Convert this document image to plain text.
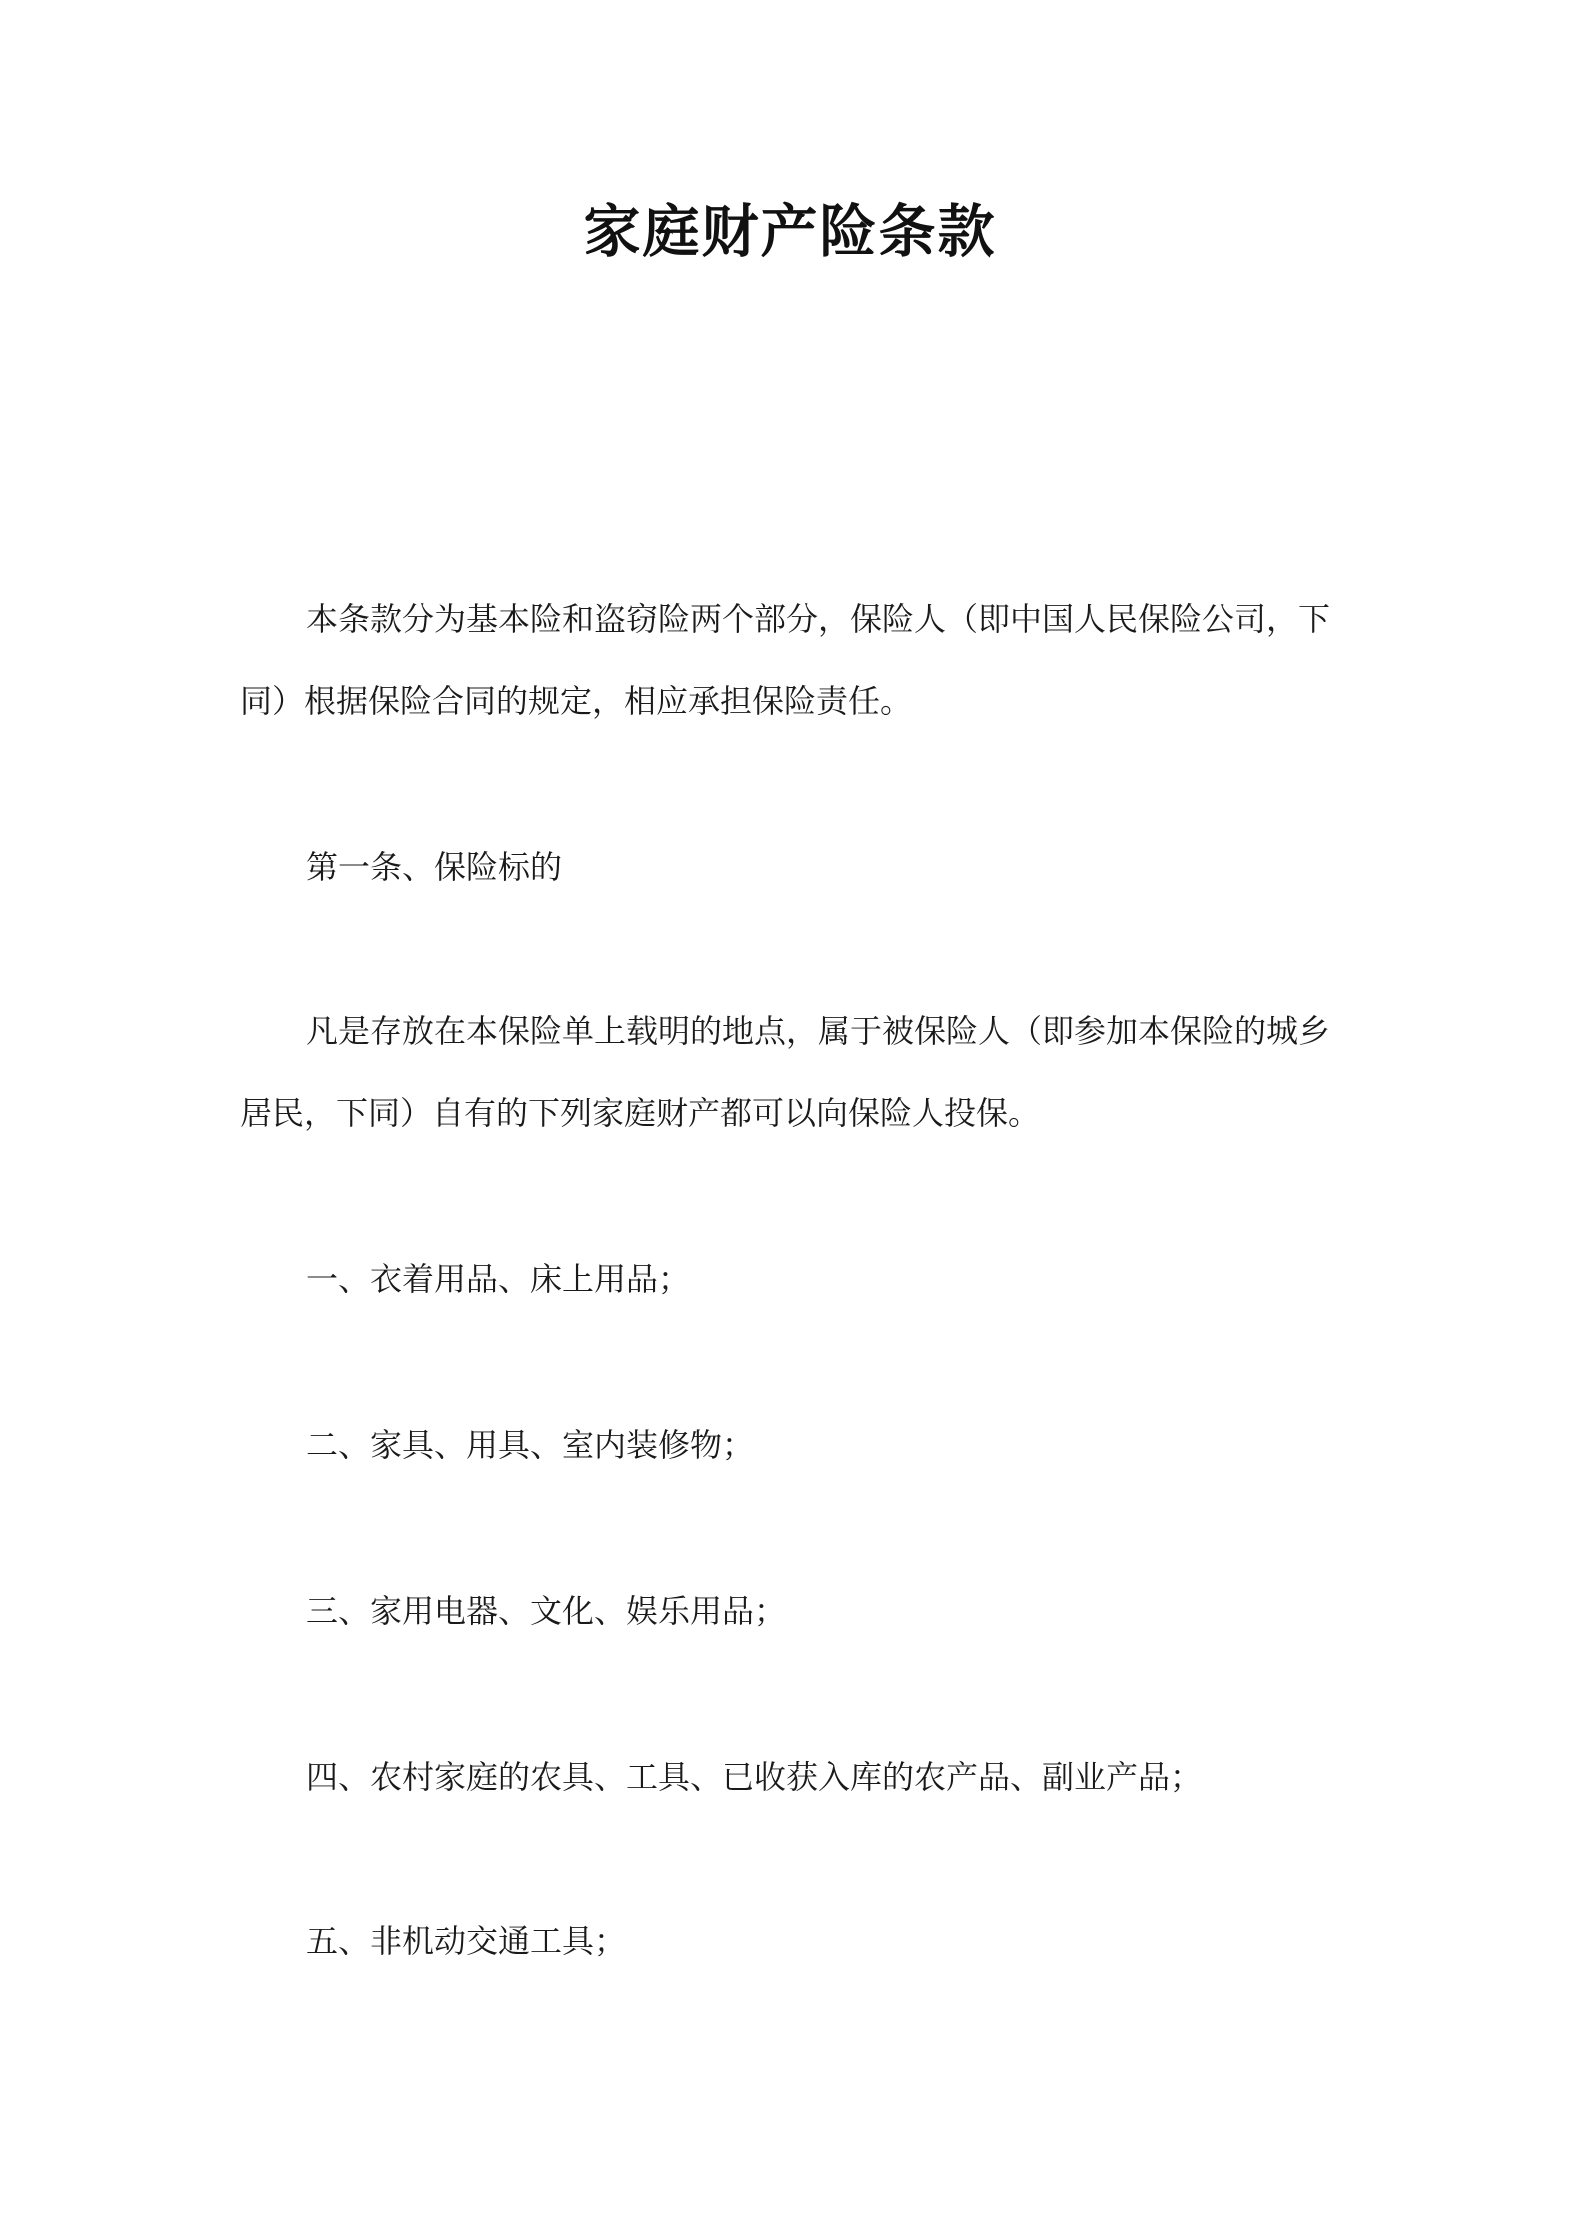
家庭财产险条款
本条款分为基本险和盗窃险两个部分，保险人（即中国人民保险公司，下
同）根据保险合同的规定，相应承担保险责任。
第一条、保险标的
凡是存放在本保险单上载明的地点，属于被保险人（即参加本保险的城乡
居民，下同）自有的下列家庭财产都可以向保险人投保。
一、衣着用品、床上用品；
二、家具、用具、室内装修物；
三、家用电器、文化、娱乐用品；
四、农村家庭的农具、工具、已收获入库的农产品、副业产品；
五、非机动交通工具；
